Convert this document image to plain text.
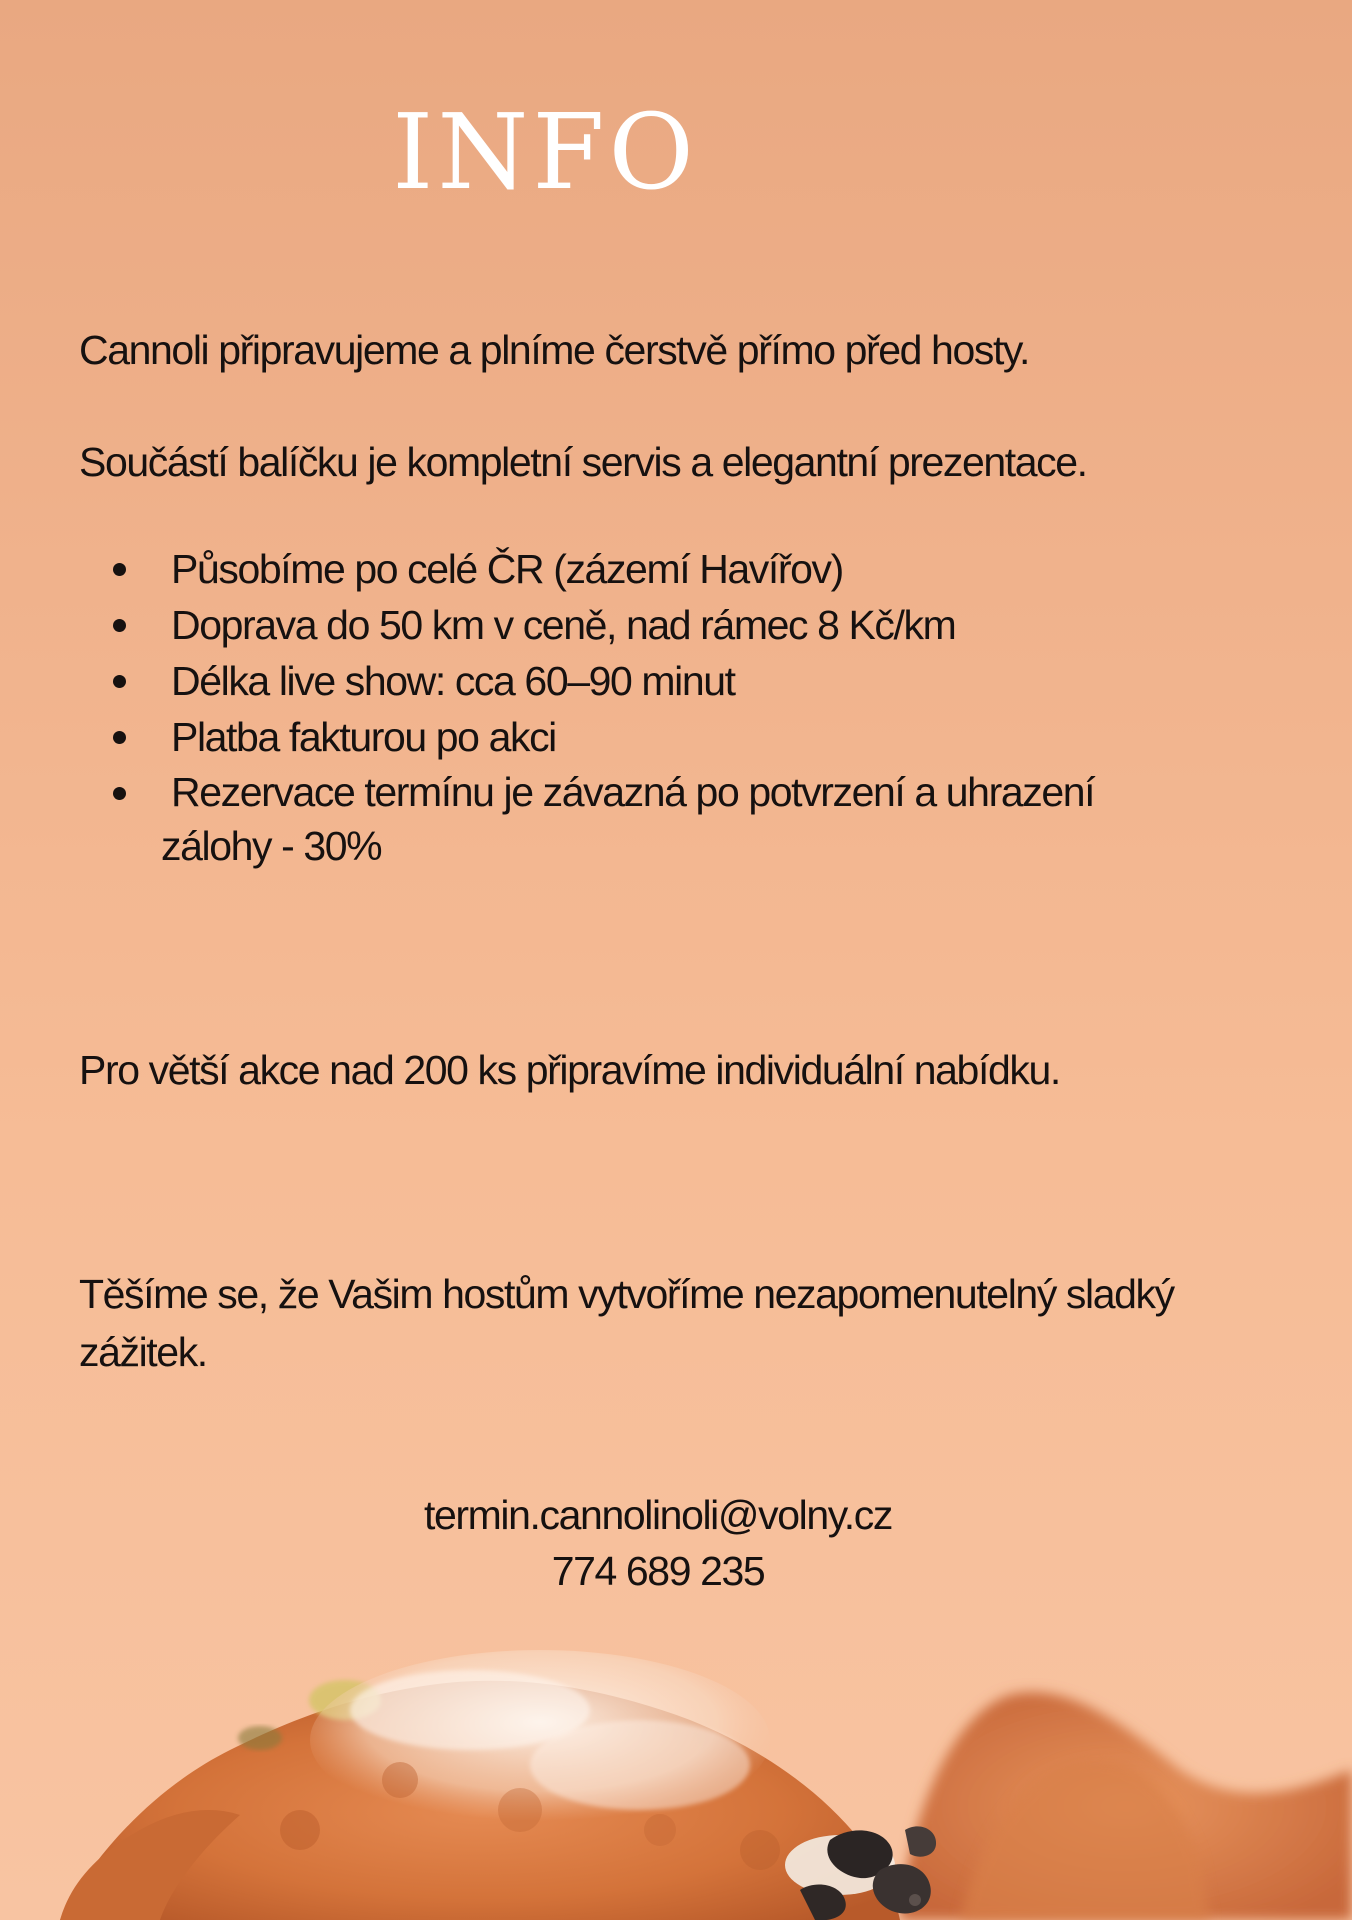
INFO

Cannoli připravujeme a plníme čerstvě přímo před hosty.

Součástí balíčku je kompletní servis a elegantní prezentace.

Působíme po celé ČR (zázemí Havířov)
Doprava do 50 km v ceně, nad rámec 8 Kč/km
Délka live show: cca 60–90 minut
Platba fakturou po akci
Rezervace termínu je závazná po potvrzení a uhrazení
zálohy - 30%

Pro větší akce nad 200 ks připravíme individuální nabídku.

Těšíme se, že Vašim hostům vytvoříme nezapomenutelný sladký zážitek.

termin.cannolinoli@volny.cz
774 689 235
